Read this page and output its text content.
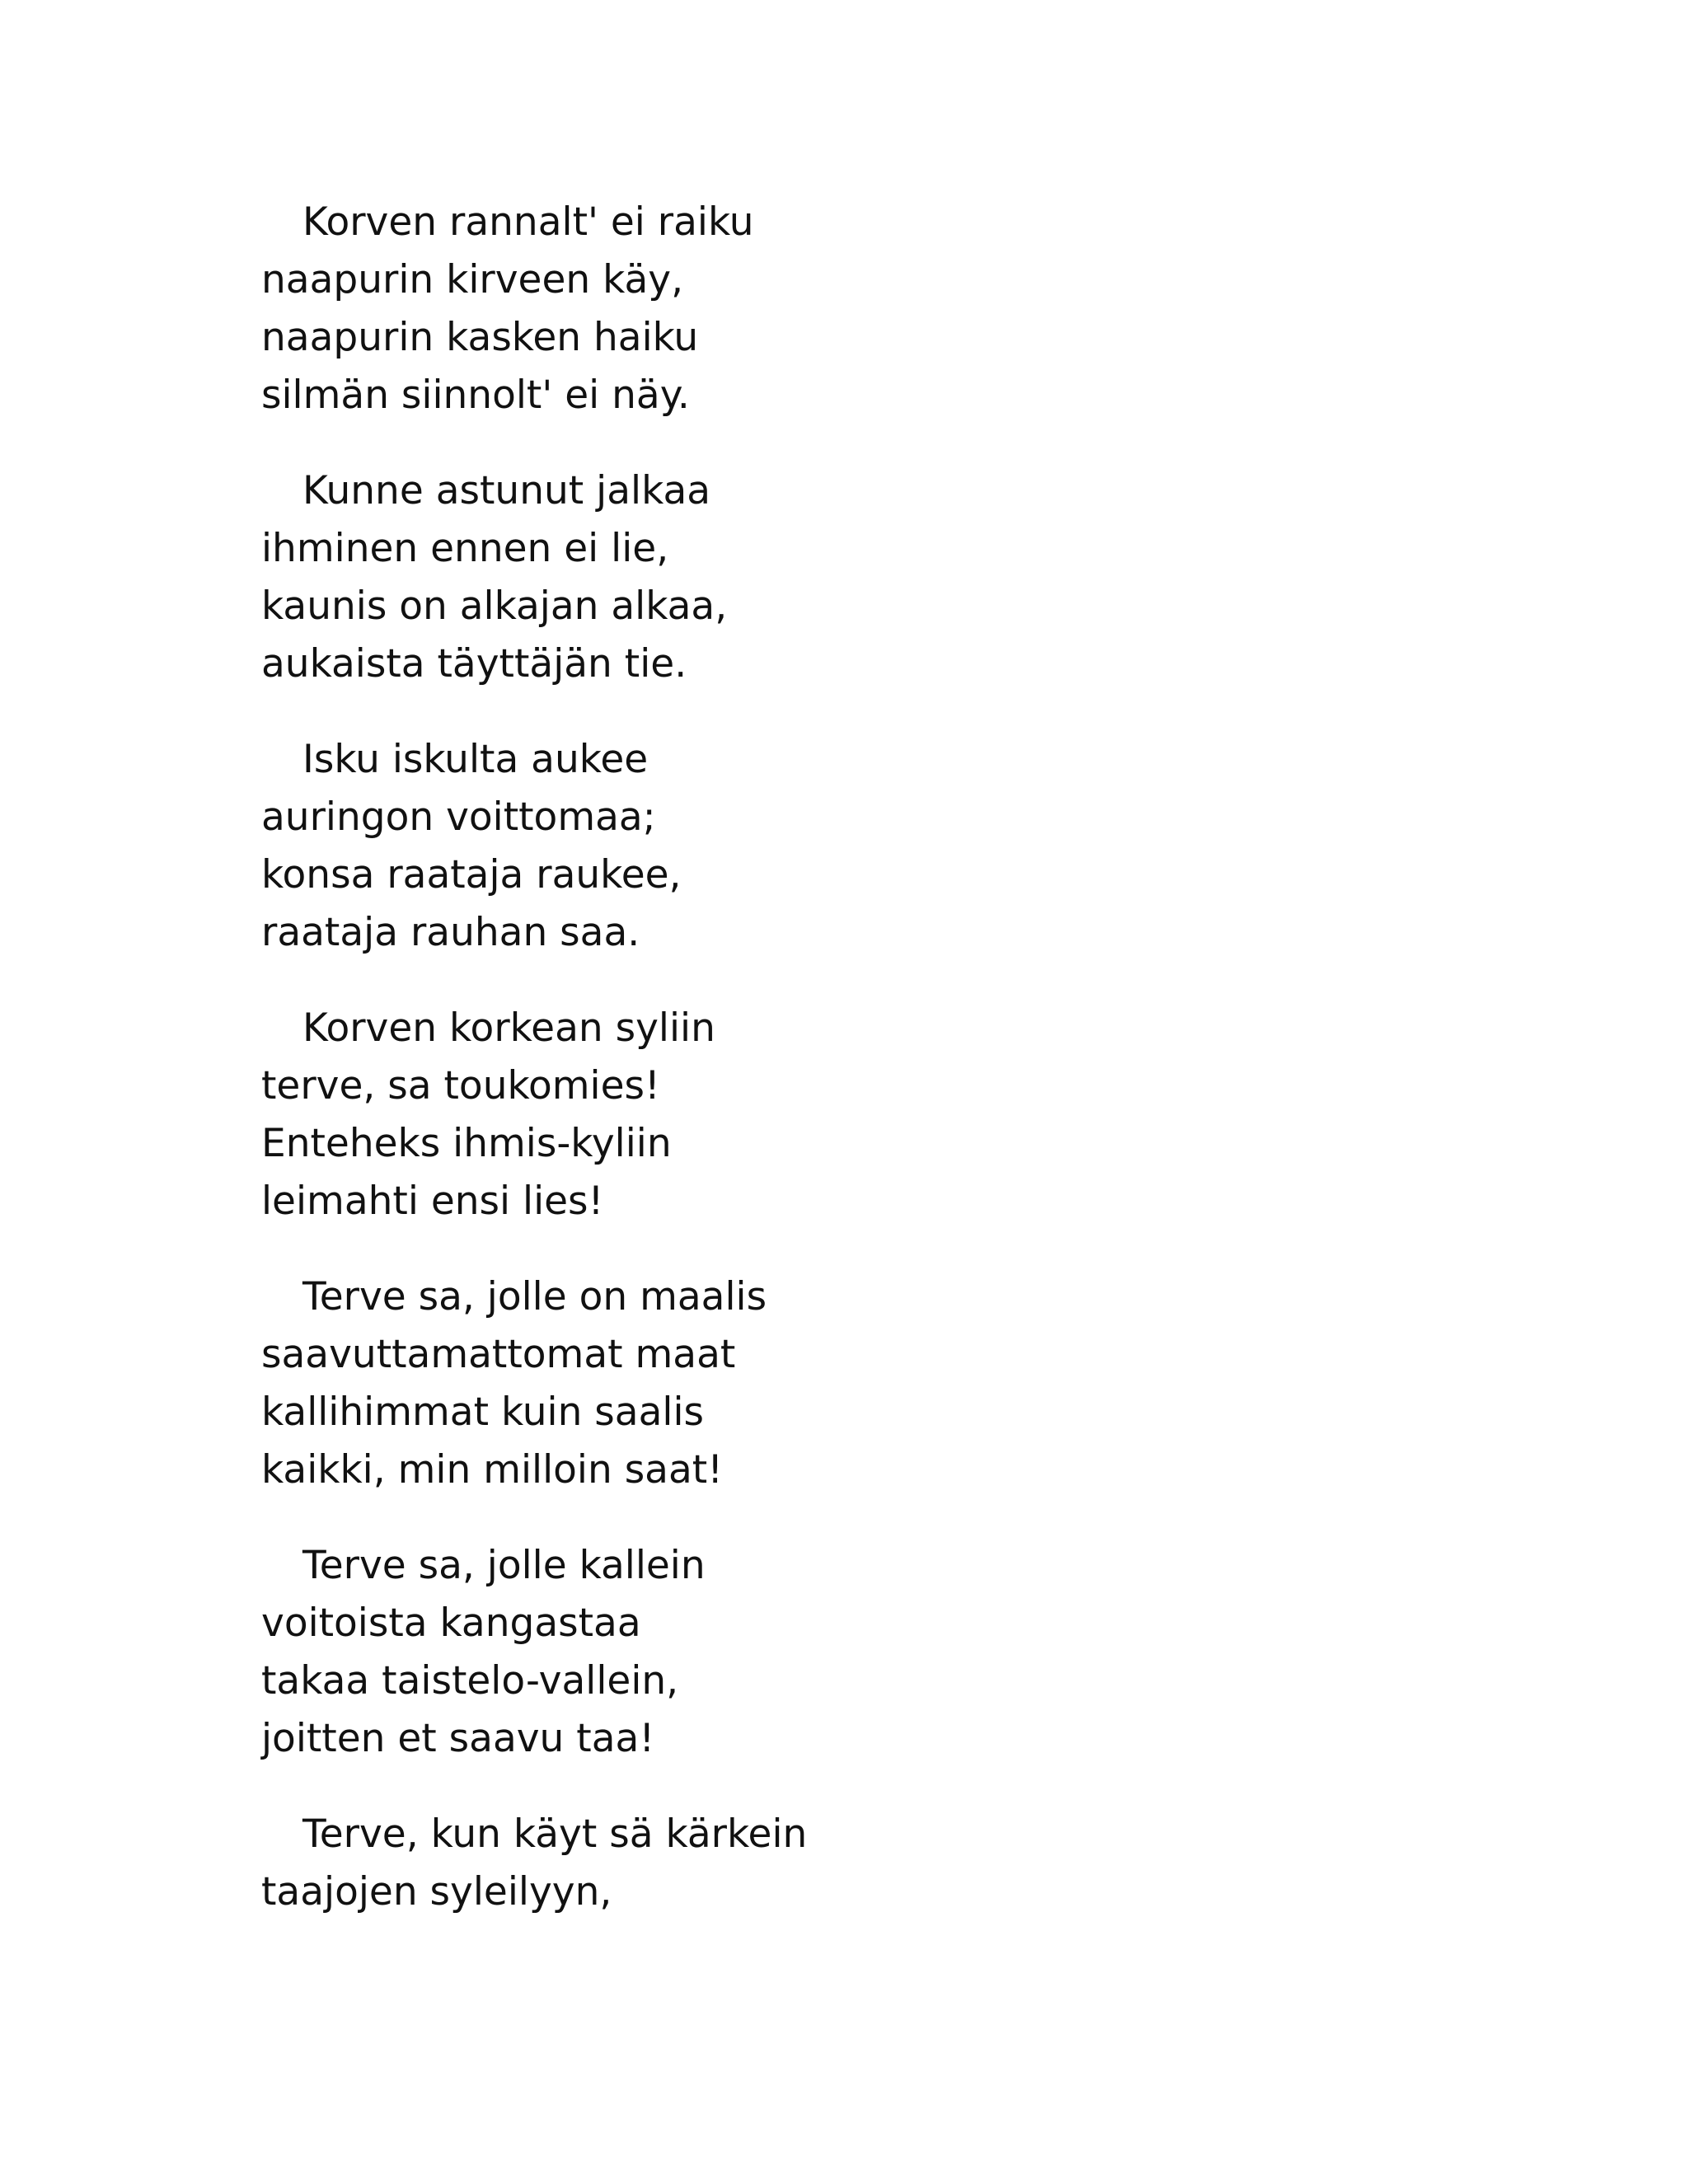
Korven rannalt' ei raiku
naapurin kirveen käy,
naapurin kasken haiku
silmän siinnolt' ei näy.
Kunne astunut jalkaa
ihminen ennen ei lie,
kaunis on alkajan alkaa,
aukaista täyttäjän tie.
Isku iskulta aukee
auringon voittomaa;
konsa raataja raukee,
raataja rauhan saa.
Korven korkean syliin
terve, sa toukomies!
Enteheks ihmis-kyliin
leimahti ensi lies!
Terve sa, jolle on maalis
saavuttamattomat maat
kallihimmat kuin saalis
kaikki, min milloin saat!
Terve sa, jolle kallein
voitoista kangastaa
takaa taistelo-vallein,
joitten et saavu taa!
Terve, kun käyt sä kärkein
taajojen syleilyyn,
